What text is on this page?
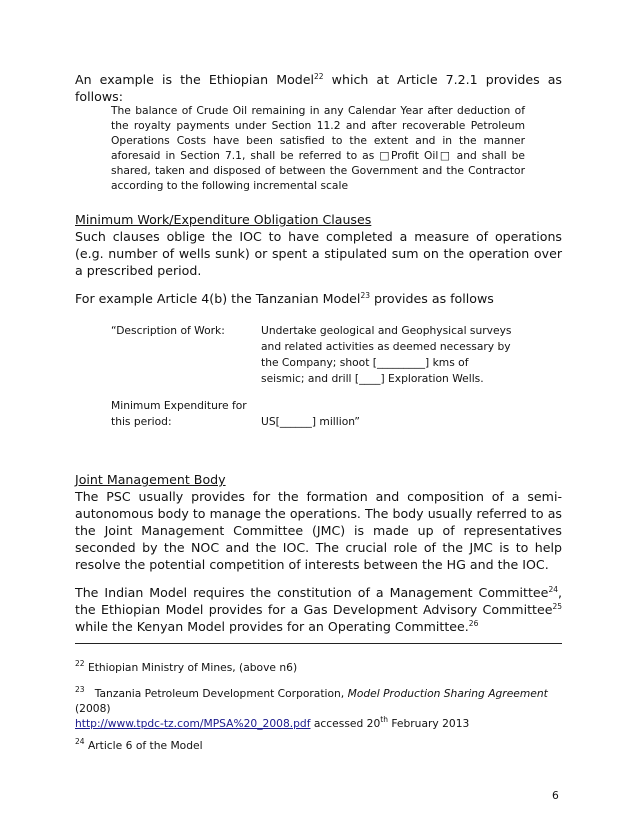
An example is the Ethiopian Model$^{22}$ which at Article 7.2.1 provides as follows:

The balance of Crude Oil remaining in any Calendar Year after deduction of the royalty payments under Section 11.2 and after recoverable Petroleum Operations Costs have been satisfied to the extent and in the manner aforesaid in Section 7.1, shall be referred to as □Profit Oil□ and shall be shared, taken and disposed of between the Government and the Contractor according to the following incremental scale

Minimum Work/Expenditure Obligation Clauses

Such clauses oblige the IOC to have completed a measure of operations (e.g. number of wells sunk) or spent a stipulated sum on the operation over a prescribed period.

For example Article 4(b) the Tanzanian Model$^{23}$ provides as follows

“Description of Work:	Undertake geological and Geophysical surveys

and related activities as deemed necessary by

the Company; shoot [_________] kms of

seismic; and drill [____] Exploration Wells.

Minimum Expenditure for

this period:	US[______] million”

Joint Management Body

The PSC usually provides for the formation and composition of a semi-autonomous body to manage the operations. The body usually referred to as the Joint Management Committee (JMC) is made up of representatives seconded by the NOC and the IOC. The crucial role of the JMC is to help resolve the potential competition of interests between the HG and the IOC.

The Indian Model requires the constitution of a Management Committee$^{24}$, the Ethiopian Model provides for a Gas Development Advisory Committee$^{25}$ while the Kenyan Model provides for an Operating Committee.$^{26}$

$^{22}$ Ethiopian Ministry of Mines, (above n6)

$^{23}$ Tanzania Petroleum Development Corporation, Model Production Sharing Agreement
(2008)
http://www.tpdc-tz.com/MPSA%20_2008.pdf accessed 20th February 2013

$^{24}$ Article 6 of the Model

6
